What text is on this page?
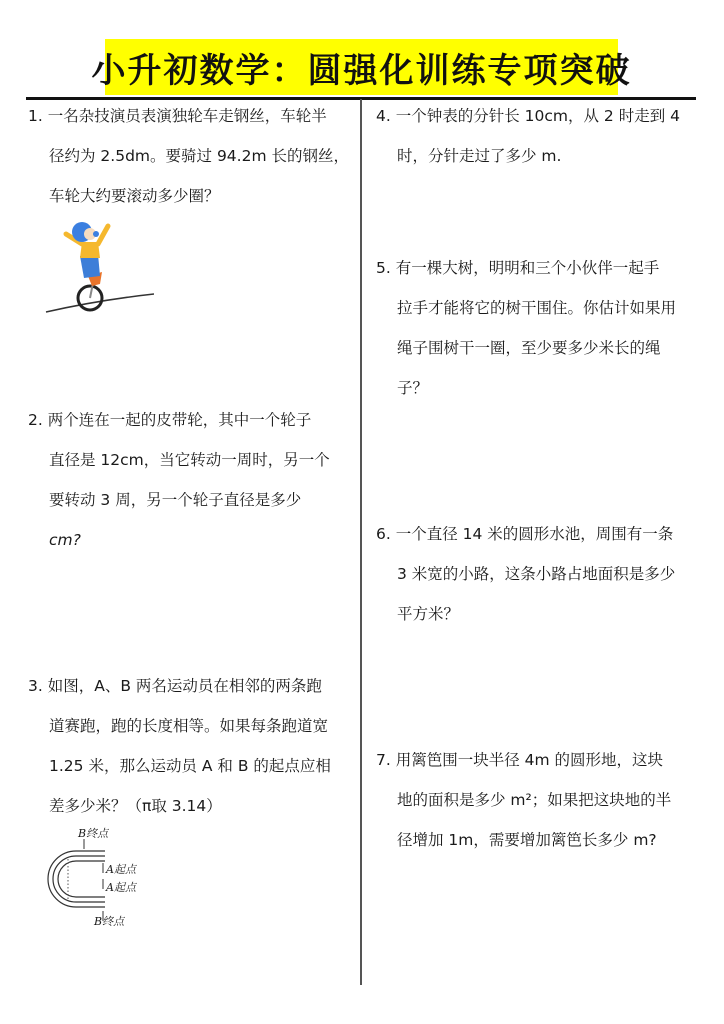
小升初数学：圆强化训练专项突破
1. 一名杂技演员表演独轮车走钢丝，车轮半
径约为 2.5dm。要骑过 94.2m 长的钢丝，
车轮大约要滚动多少圈？
2. 两个连在一起的皮带轮，其中一个轮子
直径是 12cm，当它转动一周时，另一个
要转动 3 周，另一个轮子直径是多少
cm?
3. 如图，A、B 两名运动员在相邻的两条跑
道赛跑，跑的长度相等。如果每条跑道宽
1.25 米，那么运动员 A 和 B 的起点应相
差多少米？（π取 3.14）
B终点
A起点
A起点
B终点
4. 一个钟表的分针长 10cm，从 2 时走到 4
时，分针走过了多少 m.
5. 有一棵大树，明明和三个小伙伴一起手
拉手才能将它的树干围住。你估计如果用
绳子围树干一圈，至少要多少米长的绳
子？
6. 一个直径 14 米的圆形水池，周围有一条
3 米宽的小路，这条小路占地面积是多少
平方米？
7. 用篱笆围一块半径 4m 的圆形地，这块
地的面积是多少 m²；如果把这块地的半
径增加 1m，需要增加篱笆长多少 m?
